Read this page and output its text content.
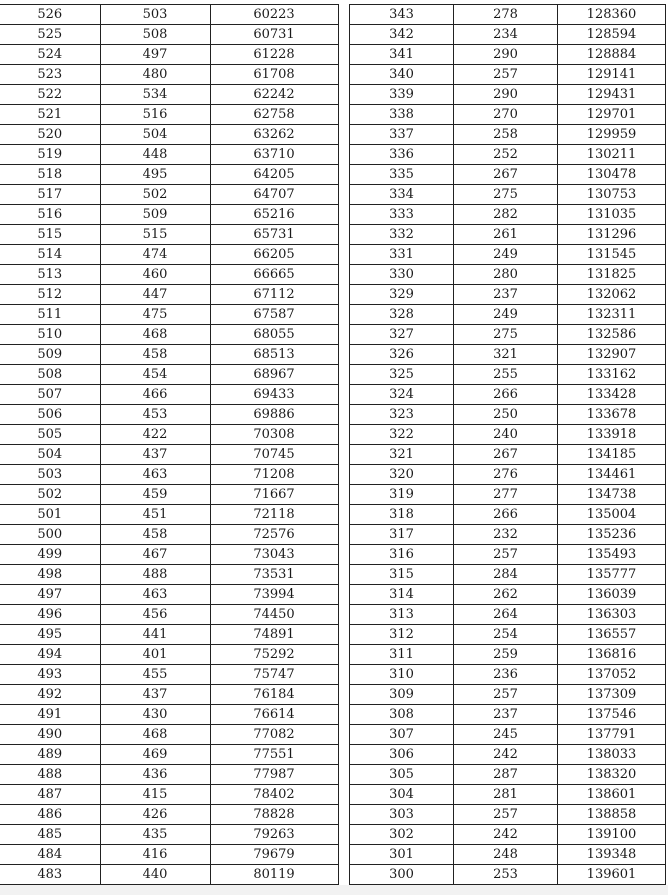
526	503	60223
525	508	60731
524	497	61228
523	480	61708
522	534	62242
521	516	62758
520	504	63262
519	448	63710
518	495	64205
517	502	64707
516	509	65216
515	515	65731
514	474	66205
513	460	66665
512	447	67112
511	475	67587
510	468	68055
509	458	68513
508	454	68967
507	466	69433
506	453	69886
505	422	70308
504	437	70745
503	463	71208
502	459	71667
501	451	72118
500	458	72576
499	467	73043
498	488	73531
497	463	73994
496	456	74450
495	441	74891
494	401	75292
493	455	75747
492	437	76184
491	430	76614
490	468	77082
489	469	77551
488	436	77987
487	415	78402
486	426	78828
485	435	79263
484	416	79679
483	440	80119
343	278	128360
342	234	128594
341	290	128884
340	257	129141
339	290	129431
338	270	129701
337	258	129959
336	252	130211
335	267	130478
334	275	130753
333	282	131035
332	261	131296
331	249	131545
330	280	131825
329	237	132062
328	249	132311
327	275	132586
326	321	132907
325	255	133162
324	266	133428
323	250	133678
322	240	133918
321	267	134185
320	276	134461
319	277	134738
318	266	135004
317	232	135236
316	257	135493
315	284	135777
314	262	136039
313	264	136303
312	254	136557
311	259	136816
310	236	137052
309	257	137309
308	237	137546
307	245	137791
306	242	138033
305	287	138320
304	281	138601
303	257	138858
302	242	139100
301	248	139348
300	253	139601
